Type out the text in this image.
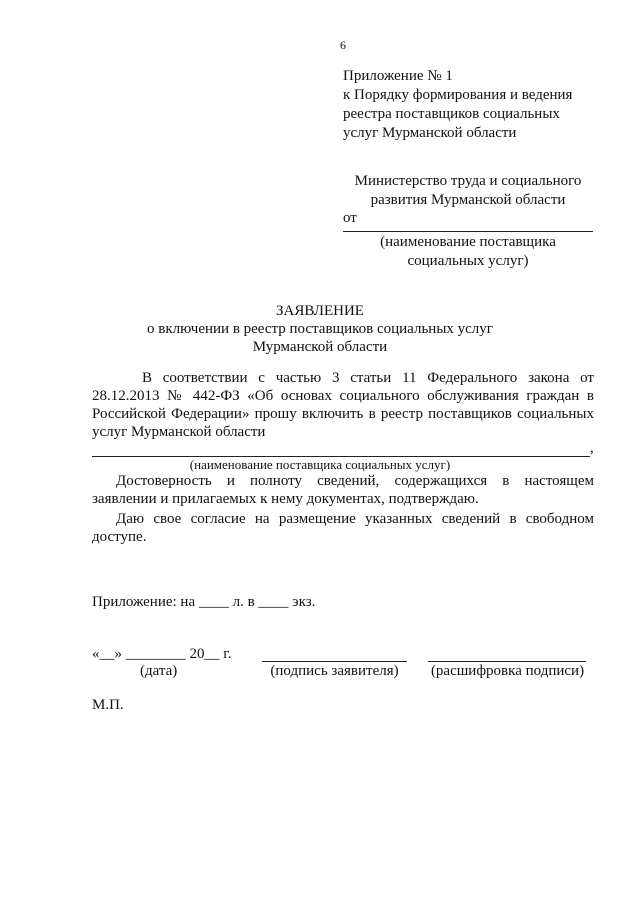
6
Приложение № 1
к Порядку формирования и ведения
реестра поставщиков социальных
услуг Мурманской области
Министерство труда и социального
развития Мурманской области
от
(наименование поставщика
социальных услуг)
ЗАЯВЛЕНИЕ
о включении в реестр поставщиков социальных услуг
Мурманской области
В соответствии с частью 3 статьи 11 Федерального закона от
28.12.2013 № 442-ФЗ «Об основах социального обслуживания граждан в
Российской Федерации» прошу включить в реестр поставщиков социальных
услуг Мурманской области
,
(наименование поставщика социальных услуг)
Достоверность и полноту сведений, содержащихся в настоящем
заявлении и прилагаемых к нему документах, подтверждаю.
Даю свое согласие на размещение указанных сведений в свободном
доступе.
Приложение: на ____ л. в ____ экз.
«__» ________ 20__ г.
(дата)	(подпись заявителя)	(расшифровка подписи)
М.П.
